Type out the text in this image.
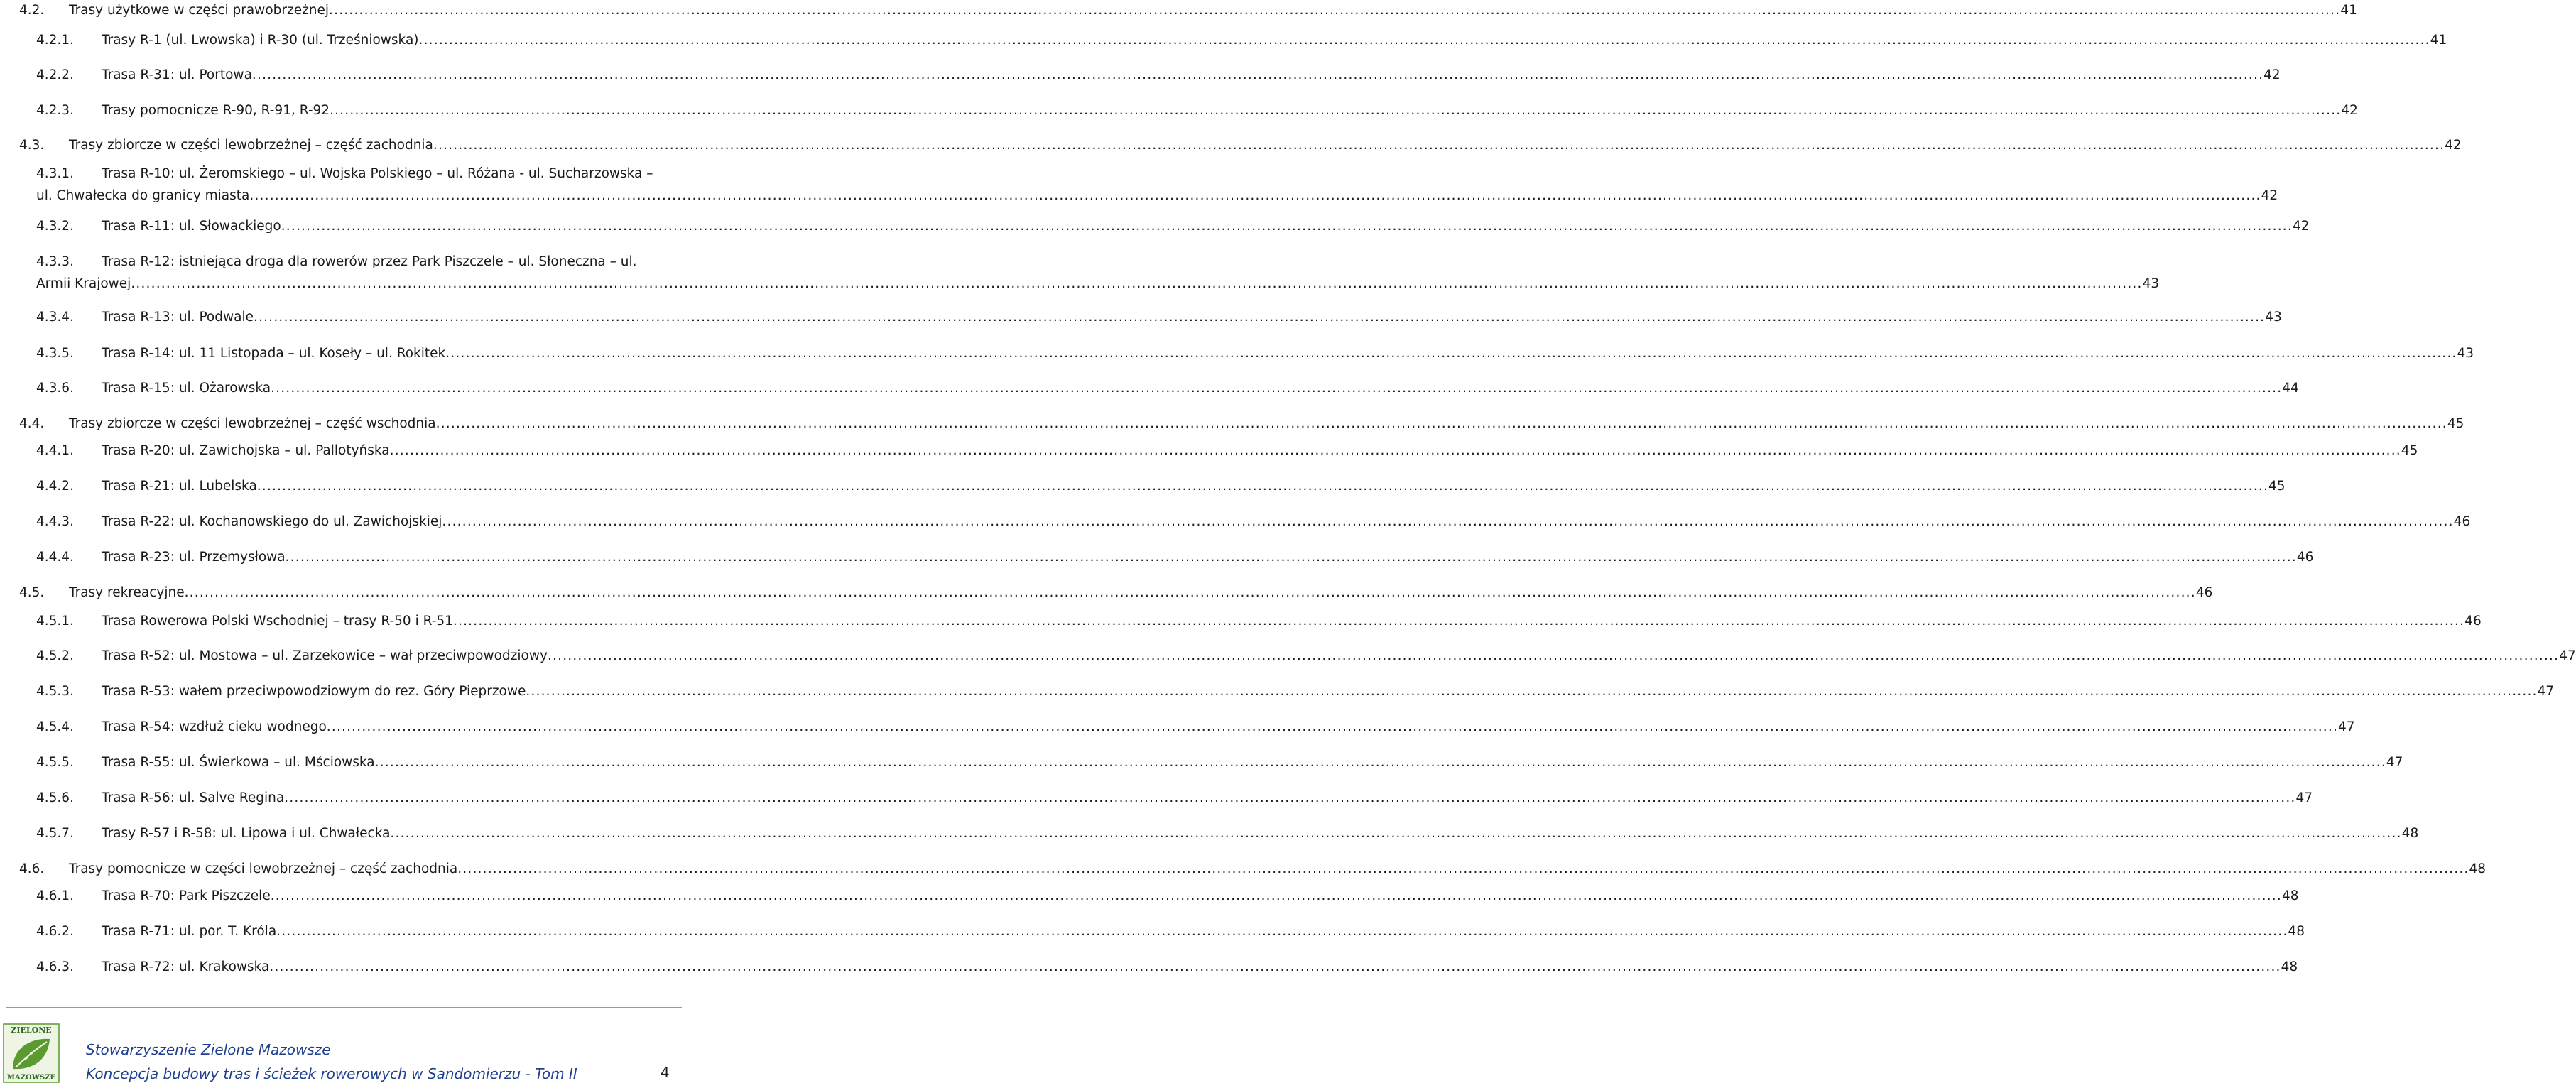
4.2. Trasy użytkowe w części prawobrzeżnej ................................................................................................................................................................................................................................................................................................................................................................................................................ 41
4.2.1. Trasy R-1 (ul. Lwowska) i R-30 (ul. Trześniowska) ................................................................................................................................................................................................................................................................................................................................................................................................................ 41
4.2.2. Trasa R-31: ul. Portowa ................................................................................................................................................................................................................................................................................................................................................................................................................ 42
4.2.3. Trasy pomocnicze R-90, R-91, R-92 ................................................................................................................................................................................................................................................................................................................................................................................................................ 42
4.3. Trasy zbiorcze w części lewobrzeżnej – część zachodnia ................................................................................................................................................................................................................................................................................................................................................................................................................ 42
4.3.1. Trasa R-10: ul. Żeromskiego – ul. Wojska Polskiego – ul. Różana - ul. Sucharzowska –
ul. Chwałecka do granicy miasta ................................................................................................................................................................................................................................................................................................................................................................................................................ 42
4.3.2. Trasa R-11: ul. Słowackiego ................................................................................................................................................................................................................................................................................................................................................................................................................ 42
4.3.3. Trasa R-12: istniejąca droga dla rowerów przez Park Piszczele – ul. Słoneczna – ul.
Armii Krajowej ................................................................................................................................................................................................................................................................................................................................................................................................................ 43
4.3.4. Trasa R-13: ul. Podwale ................................................................................................................................................................................................................................................................................................................................................................................................................ 43
4.3.5. Trasa R-14: ul. 11 Listopada – ul. Koseły – ul. Rokitek ................................................................................................................................................................................................................................................................................................................................................................................................................ 43
4.3.6. Trasa R-15: ul. Ożarowska ................................................................................................................................................................................................................................................................................................................................................................................................................ 44
4.4. Trasy zbiorcze w części lewobrzeżnej – część wschodnia ................................................................................................................................................................................................................................................................................................................................................................................................................ 45
4.4.1. Trasa R-20: ul. Zawichojska – ul. Pallotyńska ................................................................................................................................................................................................................................................................................................................................................................................................................ 45
4.4.2. Trasa R-21: ul. Lubelska ................................................................................................................................................................................................................................................................................................................................................................................................................ 45
4.4.3. Trasa R-22: ul. Kochanowskiego do ul. Zawichojskiej ................................................................................................................................................................................................................................................................................................................................................................................................................ 46
4.4.4. Trasa R-23: ul. Przemysłowa ................................................................................................................................................................................................................................................................................................................................................................................................................ 46
4.5. Trasy rekreacyjne ................................................................................................................................................................................................................................................................................................................................................................................................................ 46
4.5.1. Trasa Rowerowa Polski Wschodniej – trasy R-50 i R-51 ................................................................................................................................................................................................................................................................................................................................................................................................................ 46
4.5.2. Trasa R-52: ul. Mostowa – ul. Zarzekowice – wał przeciwpowodziowy ................................................................................................................................................................................................................................................................................................................................................................................................................ 47
4.5.3. Trasa R-53: wałem przeciwpowodziowym do rez. Góry Pieprzowe ................................................................................................................................................................................................................................................................................................................................................................................................................ 47
4.5.4. Trasa R-54: wzdłuż cieku wodnego ................................................................................................................................................................................................................................................................................................................................................................................................................ 47
4.5.5. Trasa R-55: ul. Świerkowa – ul. Mściowska ................................................................................................................................................................................................................................................................................................................................................................................................................ 47
4.5.6. Trasa R-56: ul. Salve Regina ................................................................................................................................................................................................................................................................................................................................................................................................................ 47
4.5.7. Trasy R-57 i R-58: ul. Lipowa i ul. Chwałecka ................................................................................................................................................................................................................................................................................................................................................................................................................ 48
4.6. Trasy pomocnicze w części lewobrzeżnej – część zachodnia ................................................................................................................................................................................................................................................................................................................................................................................................................ 48
4.6.1. Trasa R-70: Park Piszczele ................................................................................................................................................................................................................................................................................................................................................................................................................ 48
4.6.2. Trasa R-71: ul. por. T. Króla ................................................................................................................................................................................................................................................................................................................................................................................................................ 48
4.6.3. Trasa R-72: ul. Krakowska ................................................................................................................................................................................................................................................................................................................................................................................................................ 48
ZIELONE
MAZOWSZE
Stowarzyszenie Zielone Mazowsze
Koncepcja budowy tras i ścieżek rowerowych w Sandomierzu - Tom II	4
